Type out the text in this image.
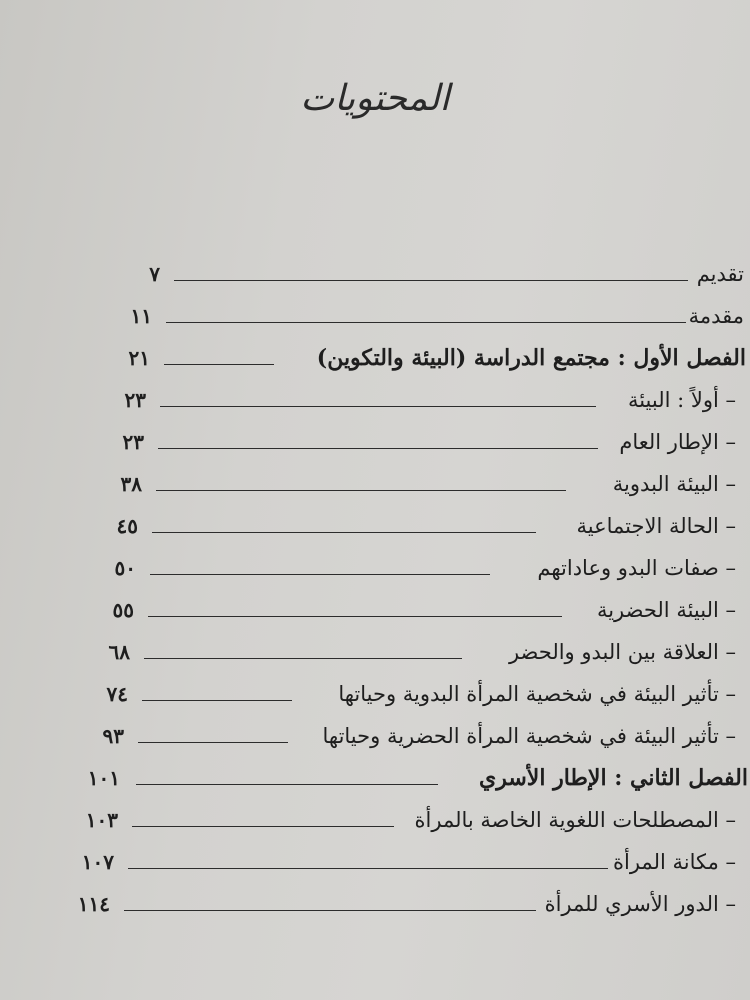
المحتويات
تقديم
٧
مقدمة
١١
الفصل الأول : مجتمع الدراسة (البيئة والتكوين)
٢١
– أولاً : البيئة
٢٣
– الإطار العام
٢٣
– البيئة البدوية
٣٨
– الحالة الاجتماعية
٤٥
– صفات البدو وعاداتهم
٥٠
– البيئة الحضرية
٥٥
– العلاقة بين البدو والحضر
٦٨
– تأثير البيئة في شخصية المرأة البدوية وحياتها
٧٤
– تأثير البيئة في شخصية المرأة الحضرية وحياتها
٩٣
الفصل الثاني : الإطار الأسري
١٠١
– المصطلحات اللغوية الخاصة بالمرأة
١٠٣
– مكانة المرأة
١٠٧
– الدور الأسري للمرأة
١١٤
